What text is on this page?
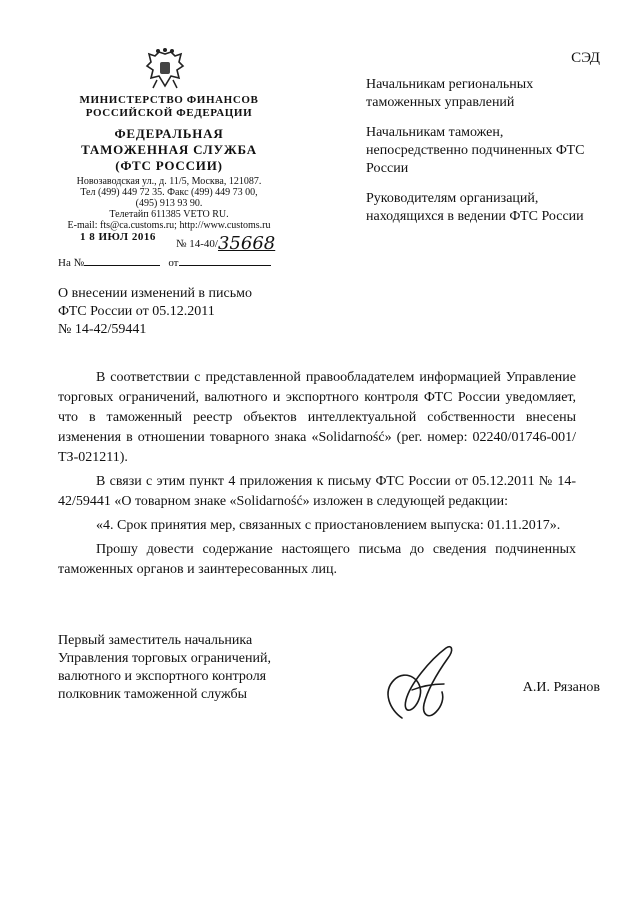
СЭД
МИНИСТЕРСТВО ФИНАНСОВ
РОССИЙСКОЙ ФЕДЕРАЦИИ
ФЕДЕРАЛЬНАЯ
ТАМОЖЕННАЯ СЛУЖБА
(ФТС РОССИИ)
Новозаводская ул., д. 11/5, Москва, 121087.
Тел (499) 449 72 35. Факс (499) 449 73 00,
(495) 913 93 90.
Телетайп 611385 VETO RU.
E-mail: fts@ca.customs.ru; http://www.customs.ru
1 8 ИЮЛ 2016
№ 14-40/35668
На №	от

Начальникам региональных таможенных управлений

Начальникам таможен, непосредственно подчиненных ФТС России

Руководителям организаций, находящихся в ведении ФТС России

О внесении изменений в письмо
ФТС России от 05.12.2011
№ 14-42/59441

В соответствии с представленной правообладателем информацией Управление торговых ограничений, валютного и экспортного контроля ФТС России уведомляет, что в таможенный реестр объектов интеллектуальной собственности внесены изменения в отношении товарного знака «Solidarność» (рег. номер: 02240/01746-001/ТЗ-021211).

В связи с этим пункт 4 приложения к письму ФТС России от 05.12.2011 № 14-42/59441 «О товарном знаке «Solidarność» изложен в следующей редакции:

«4. Срок принятия мер, связанных с приостановлением выпуска: 01.11.2017».

Прошу довести содержание настоящего письма до сведения подчиненных таможенных органов и заинтересованных лиц.

Первый заместитель начальника
Управления торговых ограничений,
валютного и экспортного контроля
полковник таможенной службы	А.И. Рязанов
